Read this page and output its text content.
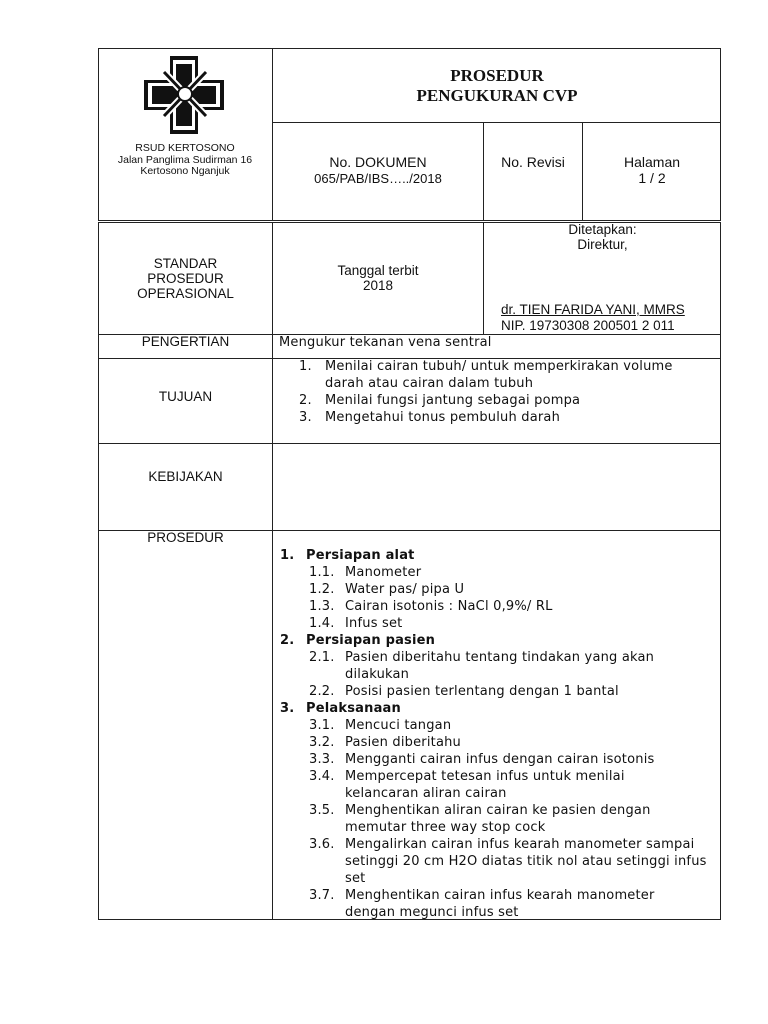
RSUD KERTOSONO
Jalan Panglima Sudirman 16
Kertosono Nganjuk
PROSEDUR
PENGUKURAN CVP
No. DOKUMEN
065/PAB/IBS…../2018
No. Revisi	Halaman
1 / 2
STANDAR
PROSEDUR
OPERASIONAL
Tanggal terbit
2018
Ditetapkan:
Direktur,
dr. TIEN FARIDA YANI, MMRS
NIP. 19730308 200501 2 011
PENGERTIAN	Mengukur tekanan vena sentral
TUJUAN
1. Menilai cairan tubuh/ untuk memperkirakan volume
darah atau cairan dalam tubuh
2. Menilai fungsi jantung sebagai pompa
3. Mengetahui tonus pembuluh darah
KEBIJAKAN
PROSEDUR
1. Persiapan alat
1.1. Manometer
1.2. Water pas/ pipa U
1.3. Cairan isotonis : NaCl 0,9%/ RL
1.4. Infus set
2. Persiapan pasien
2.1. Pasien diberitahu tentang tindakan yang akan
dilakukan
2.2. Posisi pasien terlentang dengan 1 bantal
3. Pelaksanaan
3.1. Mencuci tangan
3.2. Pasien diberitahu
3.3. Mengganti cairan infus dengan cairan isotonis
3.4. Mempercepat tetesan infus untuk menilai
kelancaran aliran cairan
3.5. Menghentikan aliran cairan ke pasien dengan
memutar three way stop cock
3.6. Mengalirkan cairan infus kearah manometer sampai
setinggi 20 cm H2O diatas titik nol atau setinggi infus
set
3.7. Menghentikan cairan infus kearah manometer
dengan megunci infus set
